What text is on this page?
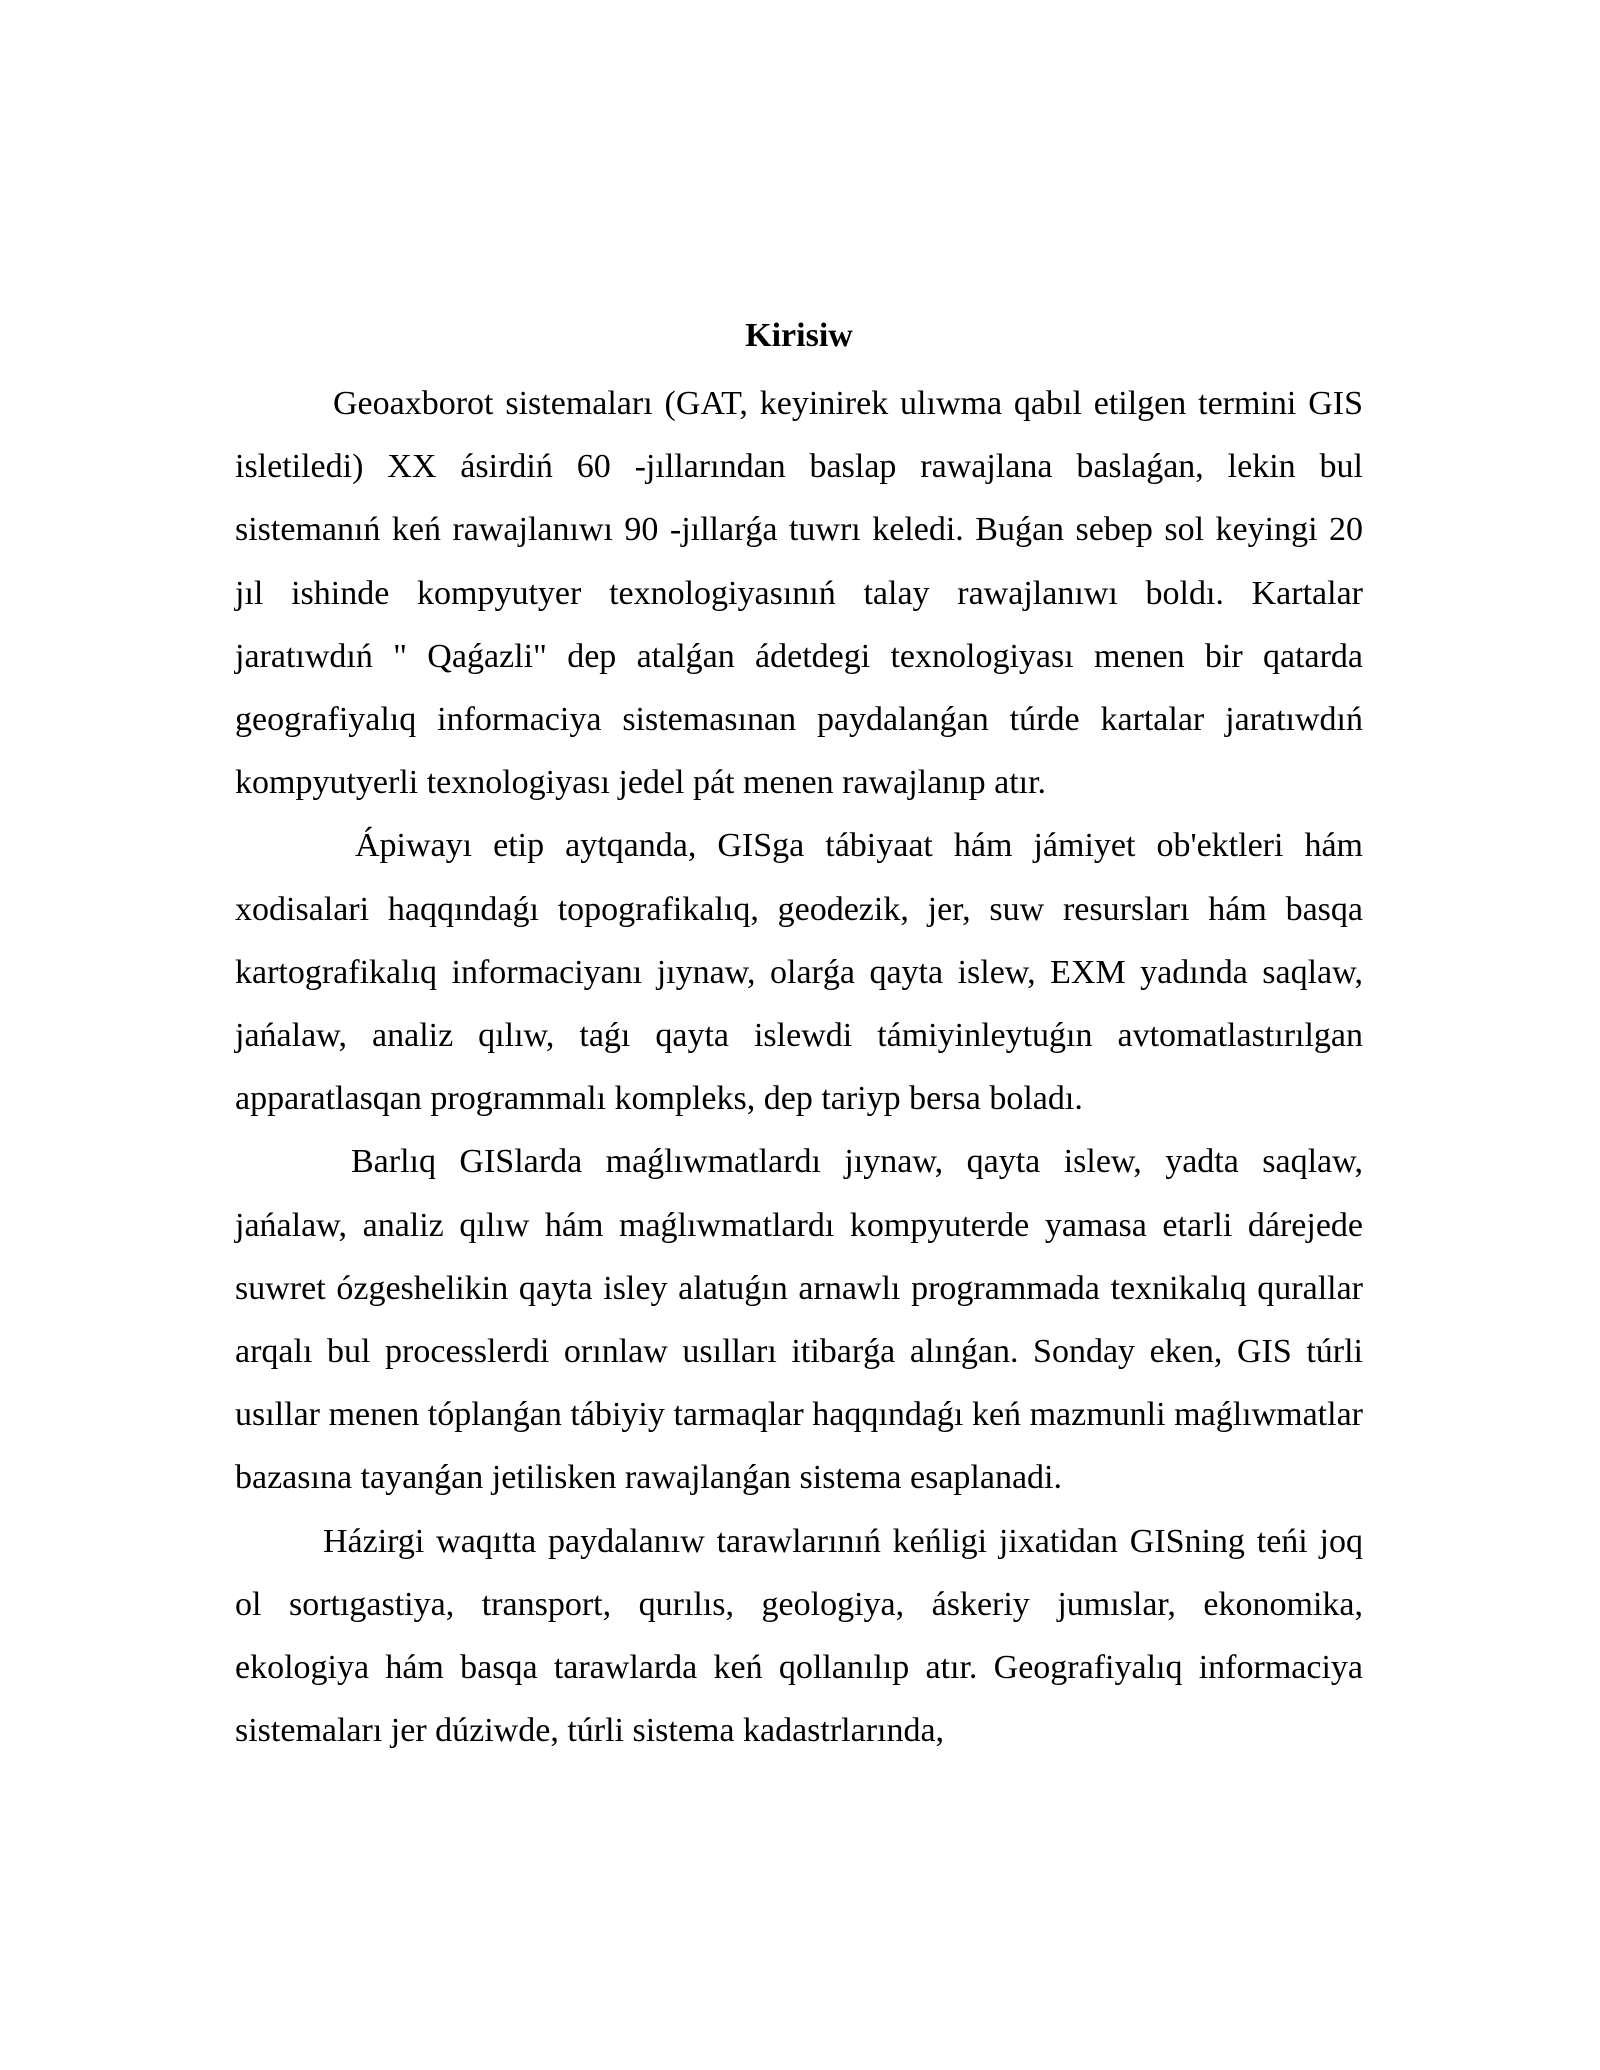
Kirisiw

Geoaxborot sistemaları (GAT, keyinirek ulıwma qabıl etilgen termini GIS isletiledi) XX ásirdiń 60 -jıllarından baslap rawajlana baslaǵan, lekin bul sistemanıń keń rawajlanıwı 90 -jıllarǵa tuwrı keledi. Buǵan sebep sol keyingi 20 jıl ishinde kompyutyer texnologiyasınıń talay rawajlanıwı boldı. Kartalar jaratıwdıń " Qaǵazli" dep atalǵan ádetdegi texnologiyası menen bir qatarda geografiyalıq informaciya sistemasınan paydalanǵan túrde kartalar jaratıwdıń kompyutyerli texnologiyası jedel pát menen rawajlanıp atır.

Ápiwayı etip aytqanda, GISga tábiyaat hám jámiyet ob'ektleri hám xodisalari haqqındaǵı topografikalıq, geodezik, jer, suw resursları hám basqa kartografikalıq informaciyanı jıynaw, olarǵa qayta islew, EXM yadında saqlaw, jańalaw, analiz qılıw, taǵı qayta islewdi támiyinleytuǵın avtomatlastırılgan apparatlasqan programmalı kompleks, dep tariyp bersa boladı.

Barlıq GISlarda maǵlıwmatlardı jıynaw, qayta islew, yadta saqlaw, jańalaw, analiz qılıw hám maǵlıwmatlardı kompyuterde yamasa etarli dárejede suwret ózgeshelikin qayta isley alatuǵın arnawlı programmada texnikalıq qurallar arqalı bul processlerdi orınlaw usılları itibarǵa alınǵan. Sonday eken, GIS túrli usıllar menen tóplanǵan tábiyiy tarmaqlar haqqındaǵı keń mazmunli maǵlıwmatlar bazasına tayanǵan jetilisken rawajlanǵan sistema esaplanadi.

Házirgi waqıtta paydalanıw tarawlarınıń keńligi jixatidan GISning teńi joq ol sortıgastiya, transport, qurılıs, geologiya, áskeriy jumıslar, ekonomika, ekologiya hám basqa tarawlarda keń qollanılıp atır. Geografiyalıq informaciya sistemaları jer dúziwde, túrli sistema kadastrlarında,
